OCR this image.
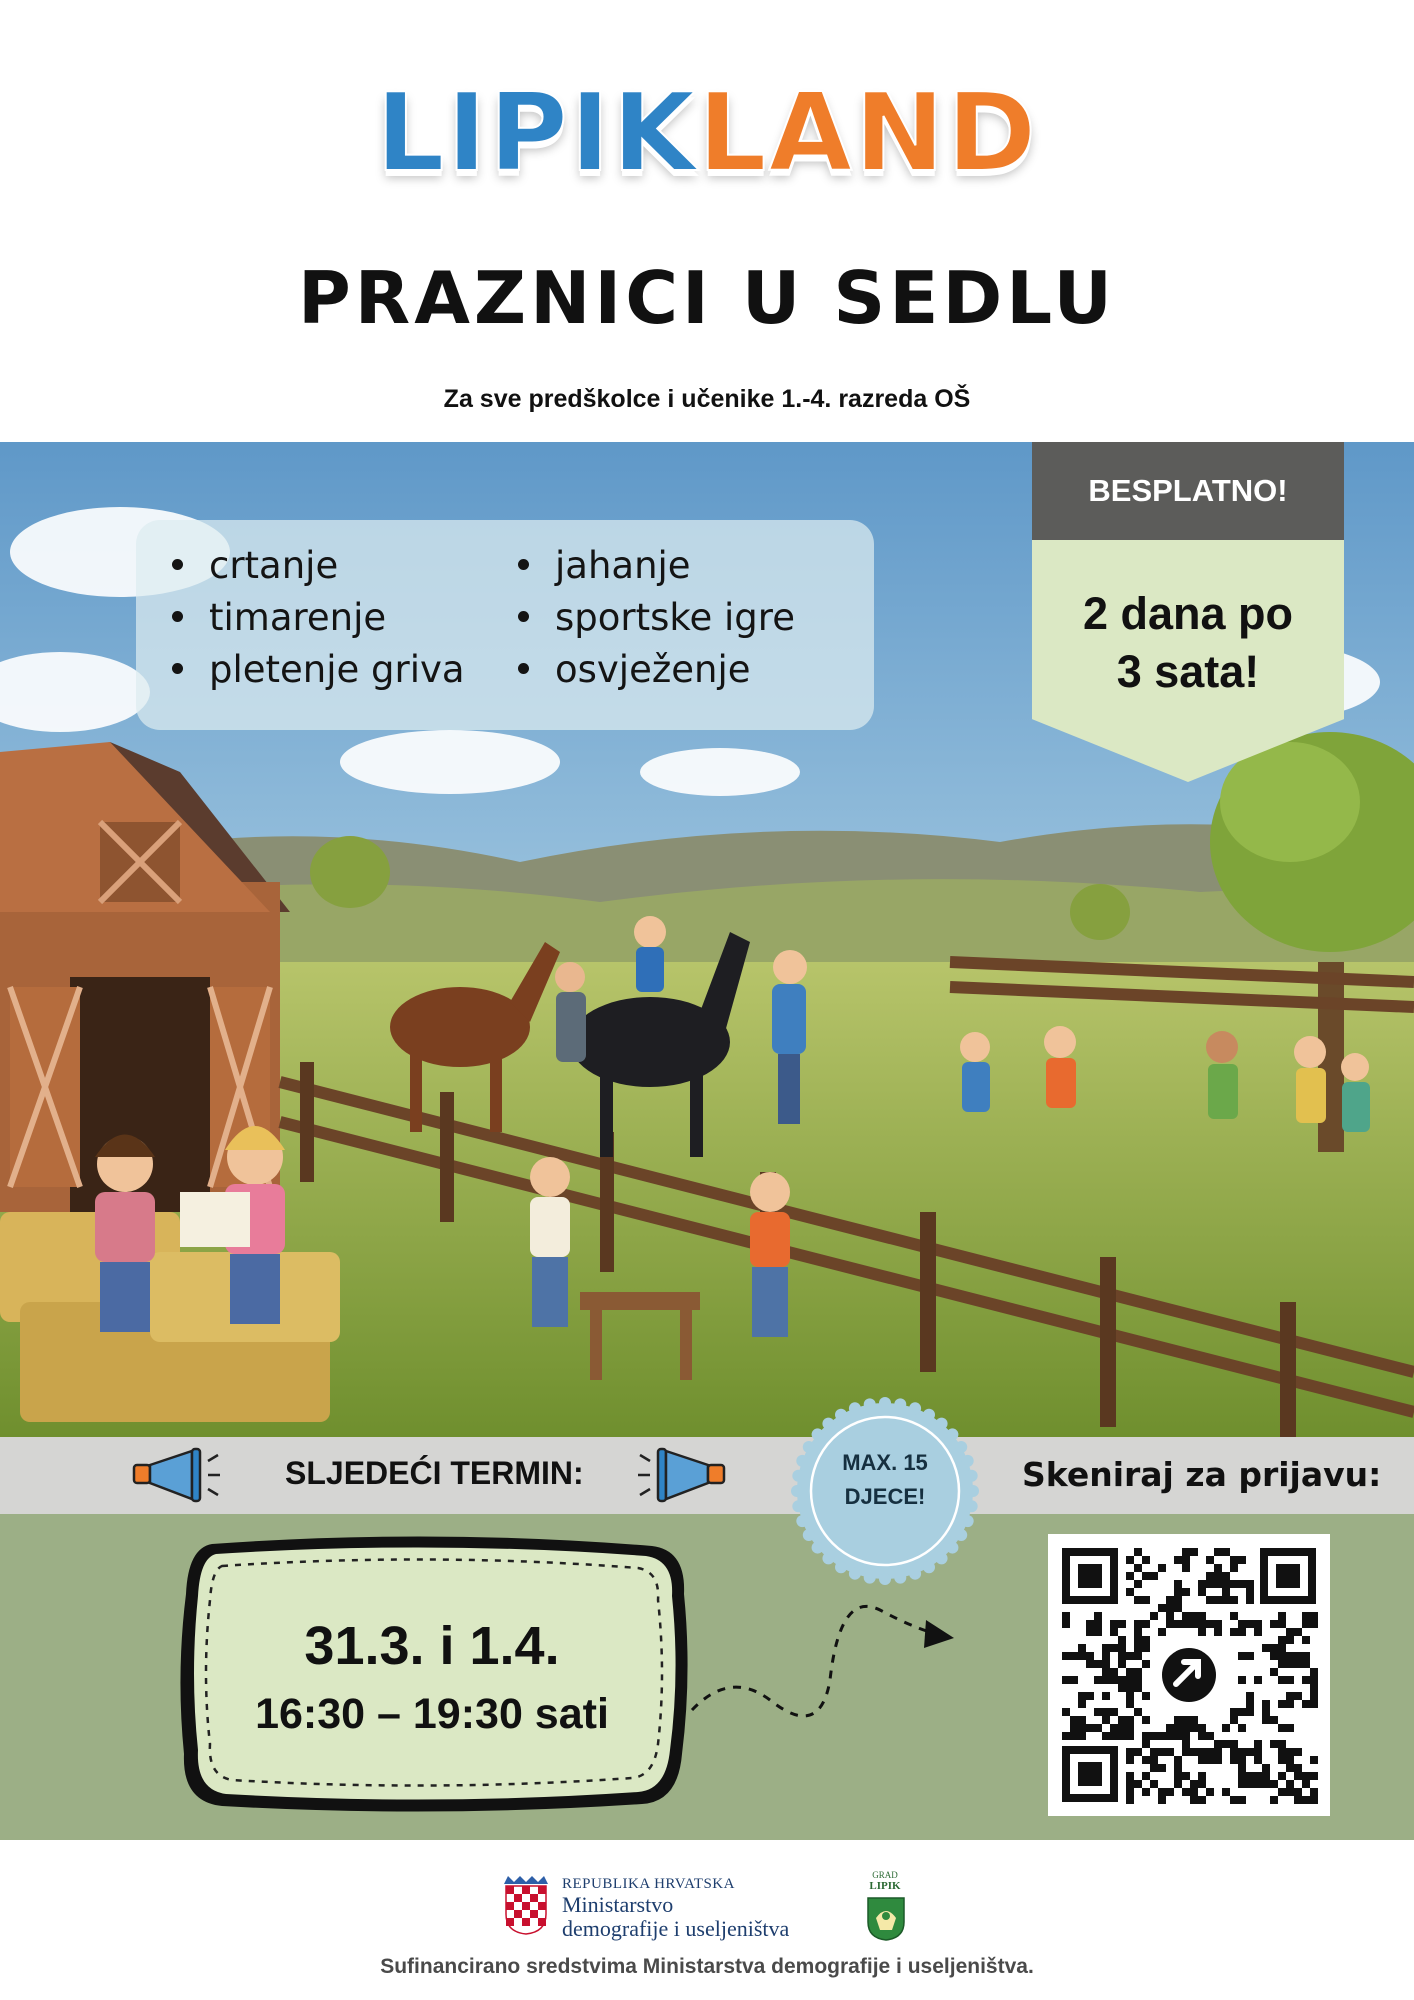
LIPIKLAND
PRAZNICI U SEDLU
Za sve predškolce i učenike 1.-4. razreda OŠ
crtanje
timarenje
pletenje griva
jahanje
sportske igre
osvježenje
BESPLATNO!
2 dana po
3 sata!
SLJEDEĆI TERMIN:	Skeniraj za prijavu:
MAX. 15
DJECE!
31.3. i 1.4.
16:30 – 19:30 sati
REPUBLIKA HRVATSKA
Ministarstvo
demografije i useljeništva
GRAD
LIPIK
Sufinancirano sredstvima Ministarstva demografije i useljeništva.
